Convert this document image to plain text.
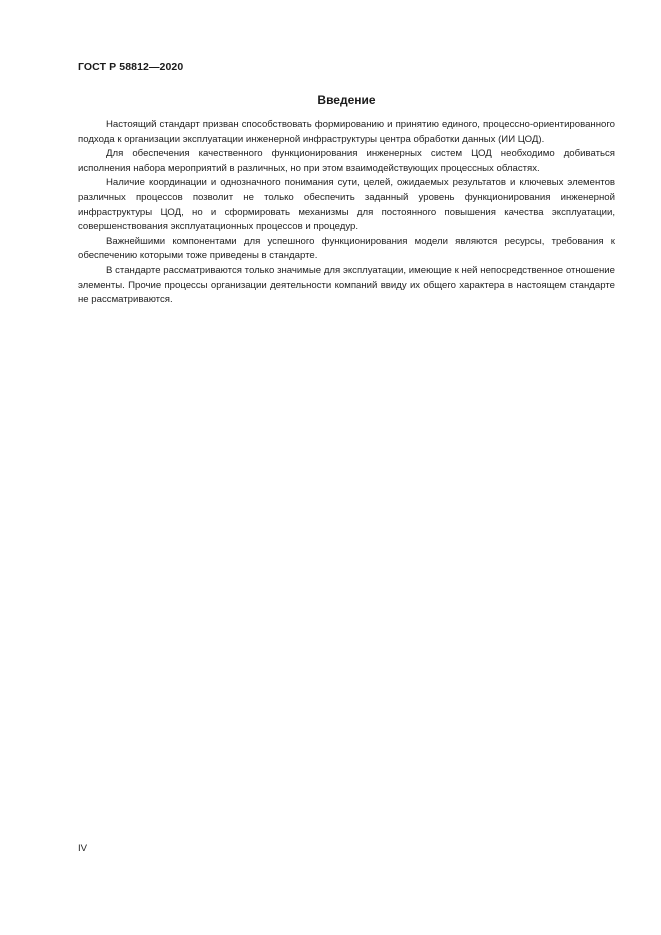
ГОСТ Р 58812—2020
Введение

Настоящий стандарт призван способствовать формированию и принятию единого, процессно-ориентированного подхода к организации эксплуатации инженерной инфраструктуры центра обработки данных (ИИ ЦОД).

Для обеспечения качественного функционирования инженерных систем ЦОД необходимо добиваться исполнения набора мероприятий в различных, но при этом взаимодействующих процессных областях.

Наличие координации и однозначного понимания сути, целей, ожидаемых результатов и ключевых элементов различных процессов позволит не только обеспечить заданный уровень функционирования инженерной инфраструктуры ЦОД, но и сформировать механизмы для постоянного повышения качества эксплуатации, совершенствования эксплуатационных процессов и процедур.

Важнейшими компонентами для успешного функционирования модели являются ресурсы, требования к обеспечению которыми тоже приведены в стандарте.

В стандарте рассматриваются только значимые для эксплуатации, имеющие к ней непосредственное отношение элементы. Прочие процессы организации деятельности компаний ввиду их общего характера в настоящем стандарте не рассматриваются.

IV
